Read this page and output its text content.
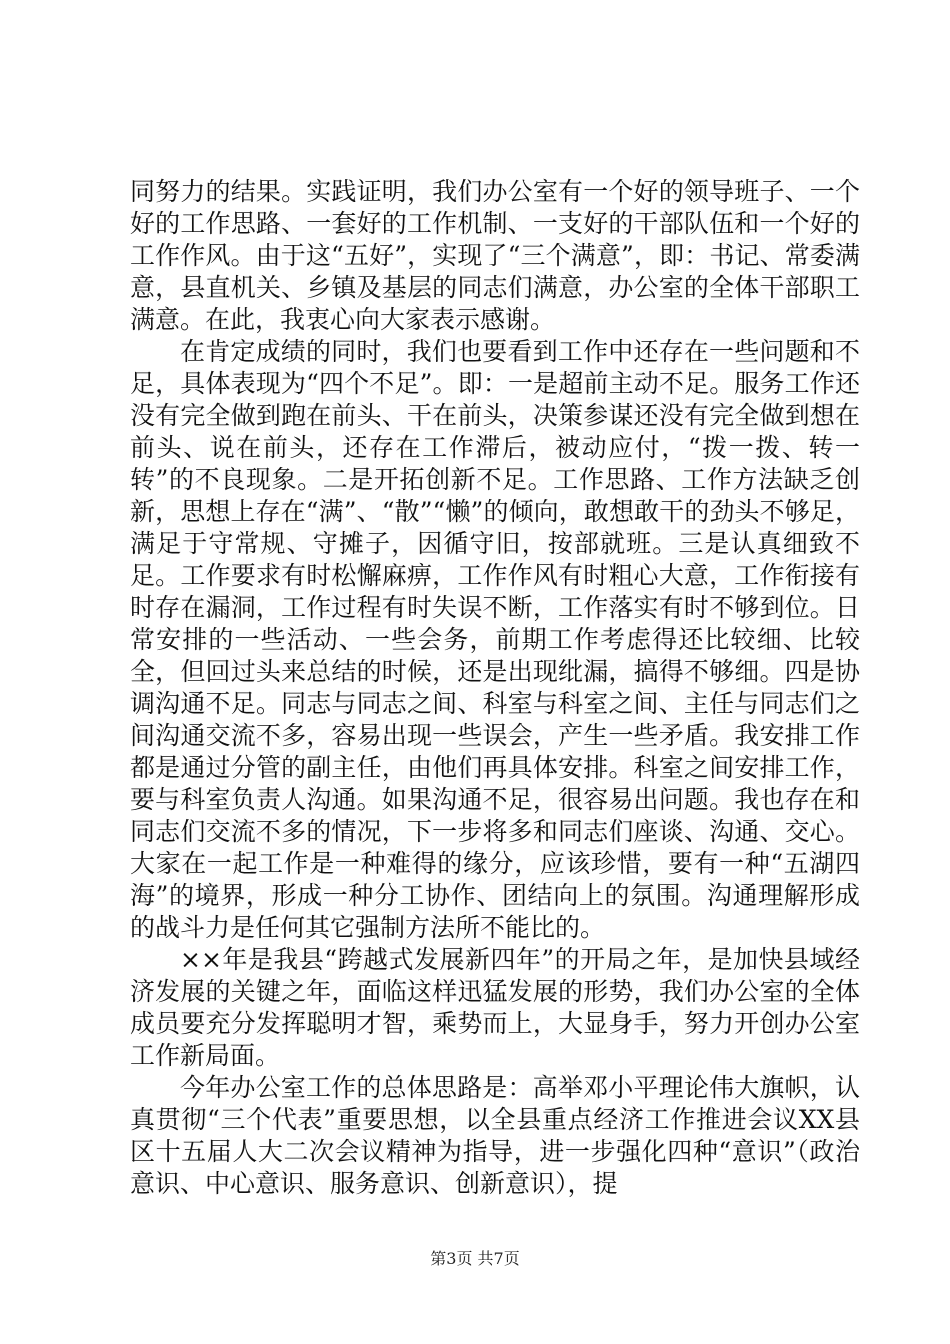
同努力的结果。实践证明，我们办公室有一个好的领导班子、一个好的工作思路、一套好的工作机制、一支好的干部队伍和一个好的工作作风。由于这“五好”，实现了“三个满意”，即：书记、常委满意，县直机关、乡镇及基层的同志们满意，办公室的全体干部职工满意。在此，我衷心向大家表示感谢。

在肯定成绩的同时，我们也要看到工作中还存在一些问题和不足，具体表现为“四个不足”。即：一是超前主动不足。服务工作还没有完全做到跑在前头、干在前头，决策参谋还没有完全做到想在前头、说在前头，还存在工作滞后，被动应付，“拨一拨、转一转”的不良现象。二是开拓创新不足。工作思路、工作方法缺乏创新，思想上存在“满”、“散”“懒”的倾向，敢想敢干的劲头不够足，满足于守常规、守摊子，因循守旧，按部就班。三是认真细致不足。工作要求有时松懈麻痹，工作作风有时粗心大意，工作衔接有时存在漏洞，工作过程有时失误不断，工作落实有时不够到位。日常安排的一些活动、一些会务，前期工作考虑得还比较细、比较全，但回过头来总结的时候，还是出现纰漏，搞得不够细。四是协调沟通不足。同志与同志之间、科室与科室之间、主任与同志们之间沟通交流不多，容易出现一些误会，产生一些矛盾。我安排工作都是通过分管的副主任，由他们再具体安排。科室之间安排工作，要与科室负责人沟通。如果沟通不足，很容易出问题。我也存在和同志们交流不多的情况，下一步将多和同志们座谈、沟通、交心。大家在一起工作是一种难得的缘分，应该珍惜，要有一种“五湖四海”的境界，形成一种分工协作、团结向上的氛围。沟通理解形成的战斗力是任何其它强制方法所不能比的。

××年是我县“跨越式发展新四年”的开局之年，是加快县域经济发展的关键之年，面临这样迅猛发展的形势，我们办公室的全体成员要充分发挥聪明才智，乘势而上，大显身手，努力开创办公室工作新局面。

今年办公室工作的总体思路是：高举邓小平理论伟大旗帜，认真贯彻“三个代表”重要思想，以全县重点经济工作推进会议XX县区十五届人大二次会议精神为指导，进一步强化四种“意识”（政治意识、中心意识、服务意识、创新意识），提

第3页 共7页
